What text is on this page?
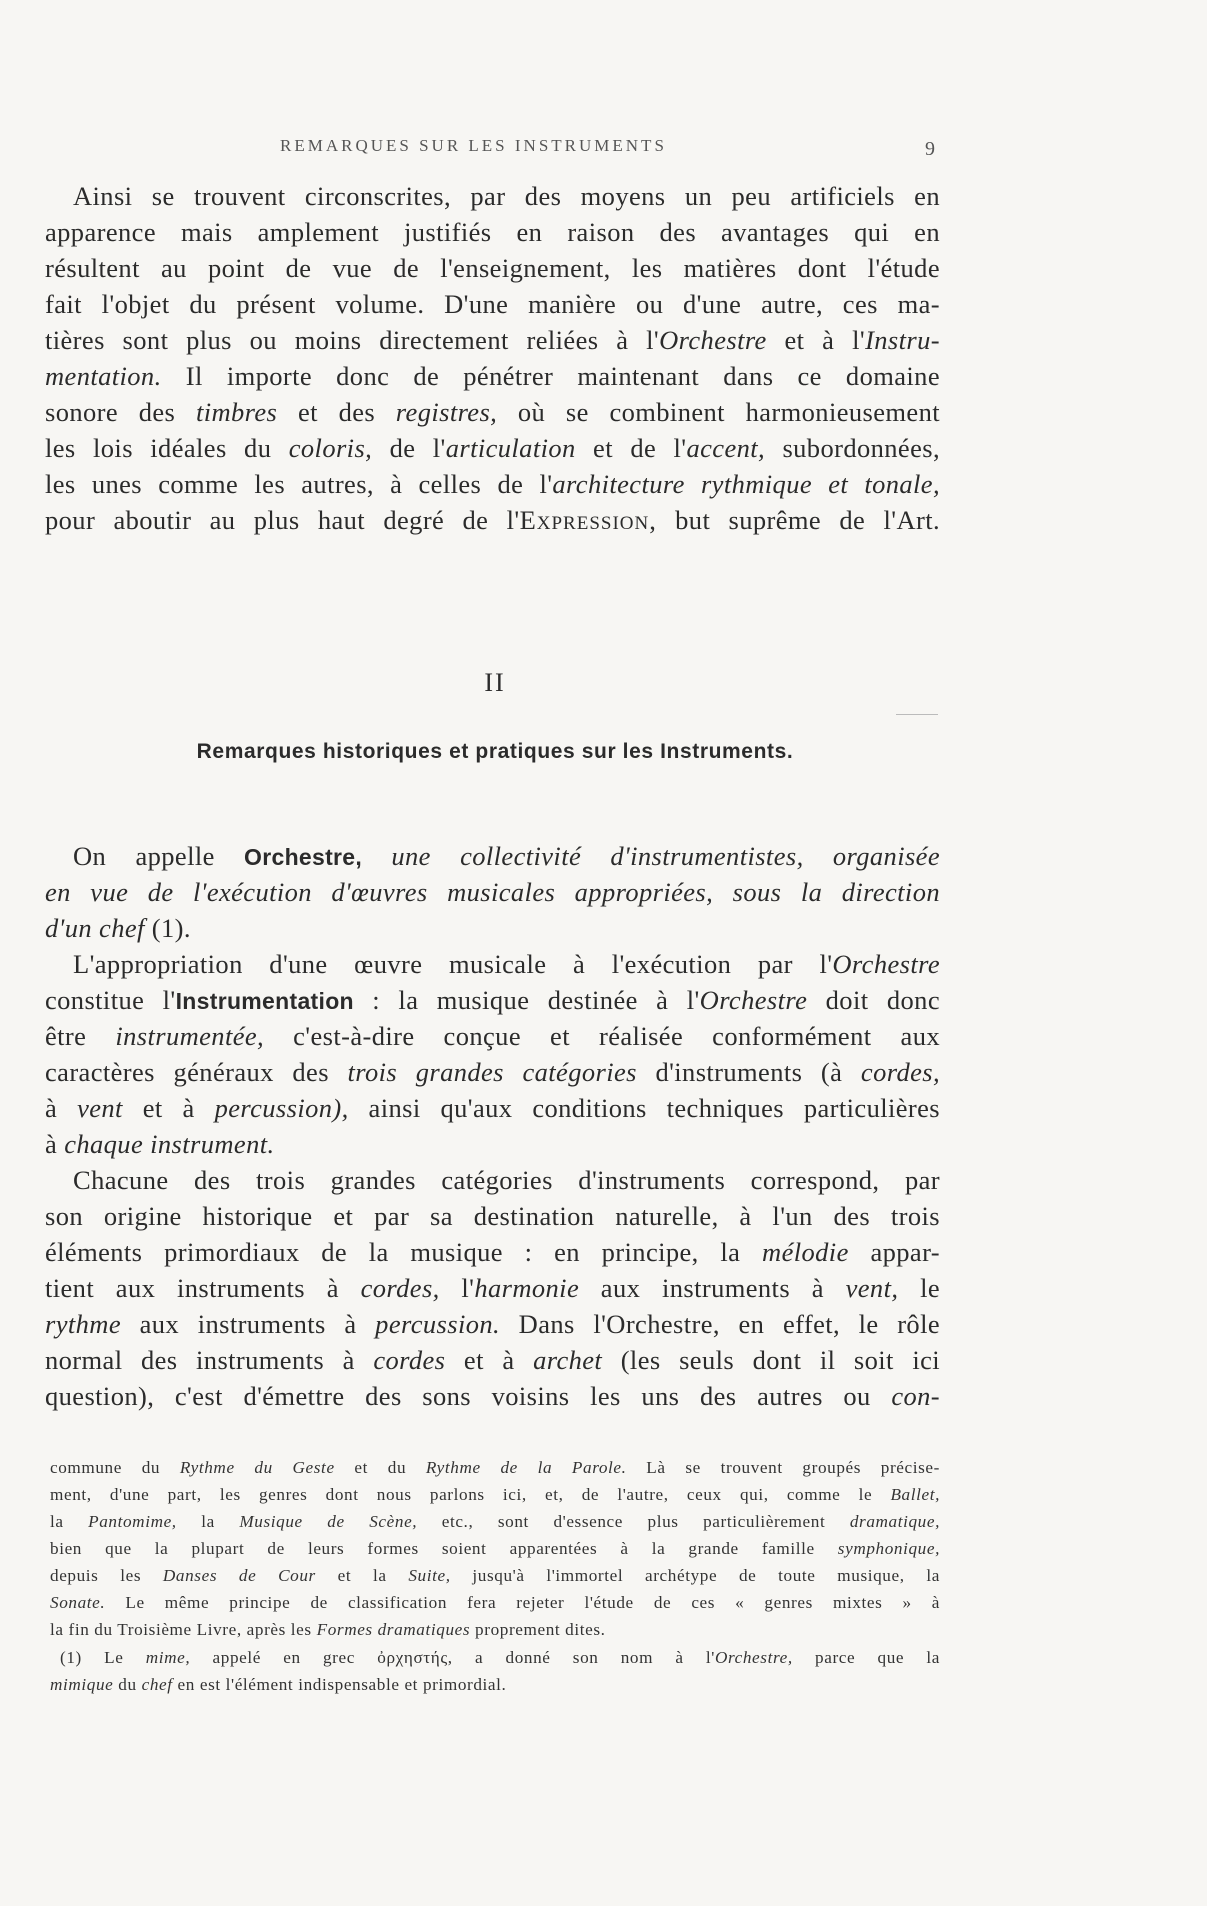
REMARQUES SUR LES INSTRUMENTS	9
Ainsi se trouvent circonscrites, par des moyens un peu artificiels en
apparence mais amplement justifiés en raison des avantages qui en
résultent au point de vue de l'enseignement, les matières dont l'étude
fait l'objet du présent volume. D'une manière ou d'une autre, ces ma-
tières sont plus ou moins directement reliées à l'Orchestre et à l'Instru-
mentation. Il importe donc de pénétrer maintenant dans ce domaine
sonore des timbres et des registres, où se combinent harmonieusement
les lois idéales du coloris, de l'articulation et de l'accent, subordonnées,
les unes comme les autres, à celles de l'architecture rythmique et tonale,
pour aboutir au plus haut degré de l'Expression, but suprême de l'Art.
II
Remarques historiques et pratiques sur les Instruments.
On appelle Orchestre, une collectivité d'instrumentistes, organisée
en vue de l'exécution d'œuvres musicales appropriées, sous la direction
d'un chef (1).
L'appropriation d'une œuvre musicale à l'exécution par l'Orchestre
constitue l'Instrumentation : la musique destinée à l'Orchestre doit donc
être instrumentée, c'est-à-dire conçue et réalisée conformément aux
caractères généraux des trois grandes catégories d'instruments (à cordes,
à vent et à percussion), ainsi qu'aux conditions techniques particulières
à chaque instrument.
Chacune des trois grandes catégories d'instruments correspond, par
son origine historique et par sa destination naturelle, à l'un des trois
éléments primordiaux de la musique : en principe, la mélodie appar-
tient aux instruments à cordes, l'harmonie aux instruments à vent, le
rythme aux instruments à percussion. Dans l'Orchestre, en effet, le rôle
normal des instruments à cordes et à archet (les seuls dont il soit ici
question), c'est d'émettre des sons voisins les uns des autres ou con-
commune du Rythme du Geste et du Rythme de la Parole. Là se trouvent groupés précise-
ment, d'une part, les genres dont nous parlons ici, et, de l'autre, ceux qui, comme le Ballet,
la Pantomime, la Musique de Scène, etc., sont d'essence plus particulièrement dramatique,
bien que la plupart de leurs formes soient apparentées à la grande famille symphonique,
depuis les Danses de Cour et la Suite, jusqu'à l'immortel archétype de toute musique, la
Sonate. Le même principe de classification fera rejeter l'étude de ces « genres mixtes » à
la fin du Troisième Livre, après les Formes dramatiques proprement dites.
(1) Le mime, appelé en grec ὀρχηστής, a donné son nom à l'Orchestre, parce que la
mimique du chef en est l'élément indispensable et primordial.
